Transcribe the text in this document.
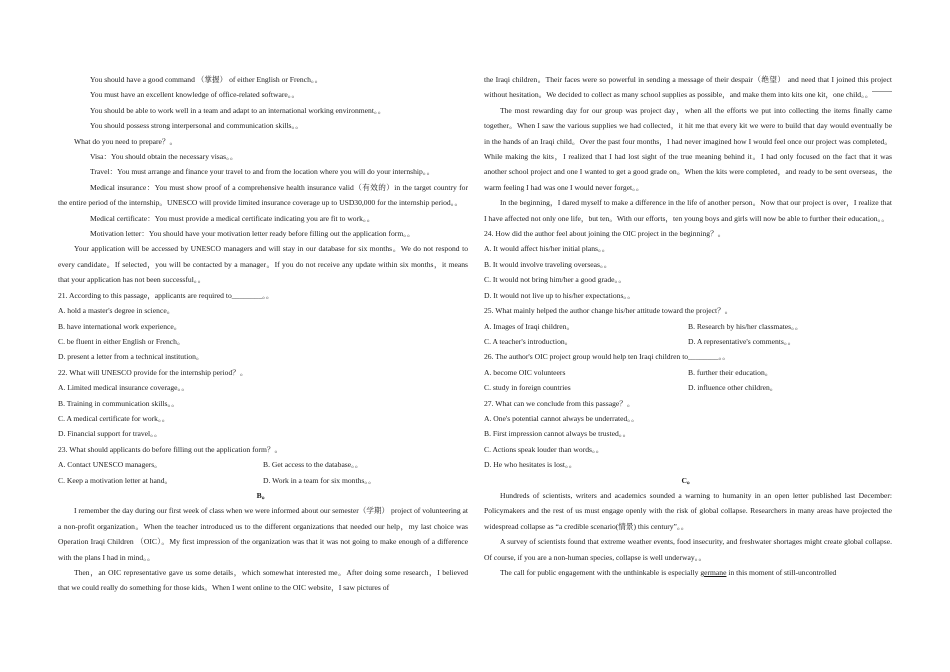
You should have a good command （掌握） of either English or French。。
You must have an excellent knowledge of office-related software。。
You should be able to work well in a team and adapt to an international working environment。。
You should possess strong interpersonal and communication skills。。
What do you need to prepare？。
Visa：You should obtain the necessary visas。。
Travel：You must arrange and finance your travel to and from the location where you will do your internship。。
Medical insurance：You must show proof of a comprehensive health insurance valid（有效的）in the target country for the entire period of the internship。UNESCO will provide limited insurance coverage up to USD30,000 for the internship period。。
Medical certificate：You must provide a medical certificate indicating you are fit to work。。
Motivation letter：You should have your motivation letter ready before filling out the application form。。
Your application will be accessed by UNESCO managers and will stay in our database for six months。We do not respond to every candidate。If selected，you will be contacted by a manager。If you do not receive any update within six months，it means that your application has not been successful。。
21. According to this passage，applicants are required to________。。
A. hold a master's degree in science。
B. have international work experience。
C. be fluent in either English or French。
D. present a letter from a technical institution。
22. What will UNESCO provide for the internship period？。
A. Limited medical insurance coverage。。
B. Training in communication skills。。
C. A medical certificate for work。。
D. Financial support for travel。。
23. What should applicants do before filling out the application form？。
A. Contact UNESCO managers。	B. Get access to the database。。
C. Keep a motivation letter at hand。	D. Work in a team for six months。。
B。
I remember the day during our first week of class when we were informed about our semester（学期） project of volunteering at a non-profit organization。When the teacher introduced us to the different organizations that needed our help，my last choice was Operation Iraqi Children （OIC）。My first impression of the organization was that it was not going to make enough of a difference with the plans I had in mind。。
Then，an OIC representative gave us some details，which somewhat interested me。After doing some research，I believed that we could really do something for those kids。When I went online to the OIC website，I saw pictures of
the Iraqi children。Their faces were so powerful in sending a message of their despair（绝望） and need that I joined this project without hesitation。We decided to collect as many school supplies as possible，and make them into kits one kit，one child。。
The most rewarding day for our group was project day，when all the efforts we put into collecting the items finally came together。When I saw the various supplies we had collected，it hit me that every kit we were to build that day would eventually be in the hands of an Iraqi child。Over the past four months，I had never imagined how I would feel once our project was completed。While making the kits，I realized that I had lost sight of the true meaning behind it。I had only focused on the fact that it was another school project and one I wanted to get a good grade on。When the kits were completed，and ready to be sent overseas，the warm feeling I had was one I would never forget。。
In the beginning，I dared myself to make a difference in the life of another person。Now that our project is over，I realize that I have affected not only one life，but ten。With our efforts，ten young boys and girls will now be able to further their education。。
24. How did the author feel about joining the OIC project in the beginning？。
A. It would affect his/her initial plans。。
B. It would involve traveling overseas。。
C. It would not bring him/her a good grade。。
D. It would not live up to his/her expectations。。
25. What mainly helped the author change his/her attitude toward the project？。
A. Images of Iraqi children。	B. Research by his/her classmates。。
C. A teacher's introduction。	D. A representative's comments。。
26. The author's OIC project group would help ten Iraqi children to________。。
A. become OIC volunteers	B. further their education。
C. study in foreign countries	D. influence other children。
27. What can we conclude from this passage？。
A. One's potential cannot always be underrated。。
B. First impression cannot always be trusted。。
C. Actions speak louder than words。。
D. He who hesitates is lost。。
C。
Hundreds of scientists, writers and academics sounded a warning to humanity in an open letter published last December: Policymakers and the rest of us must engage openly with the risk of global collapse. Researchers in many areas have projected the widespread collapse as “a credible scenario(情景) this century”。。
A survey of scientists found that extreme weather events, food insecurity, and freshwater shortages might create global collapse. Of course, if you are a non-human species, collapse is well underway。。
The call for public engagement with the unthinkable is especially germane in this moment of still-uncontrolled
